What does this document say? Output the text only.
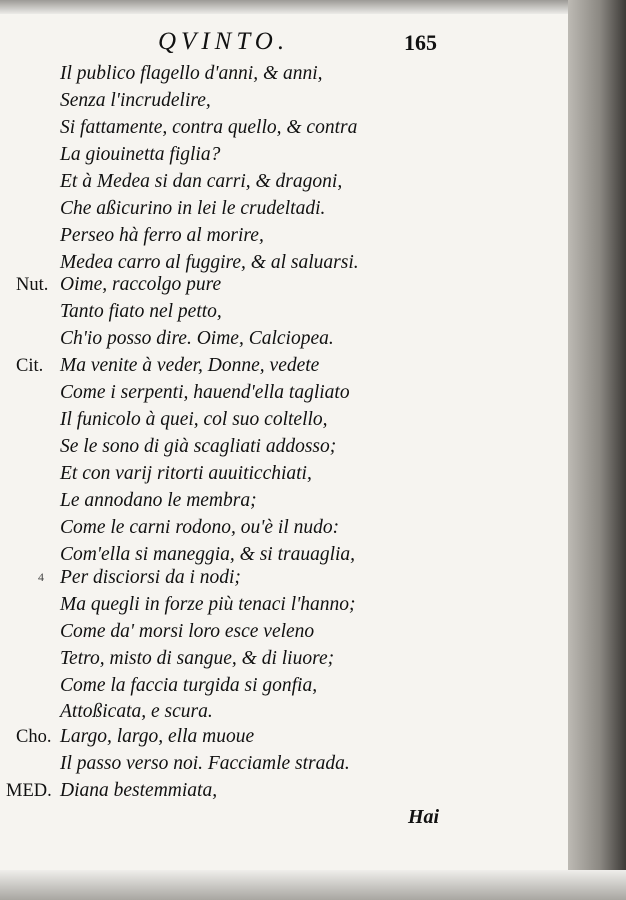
QVINTO.	165
Il publico flagello d'anni, & anni,
Senza l'incrudelire,
Si fattamente, contra quello, & contra
La giouinetta figlia?
Et à Medea si dan carri, & dragoni,
Che aßicurino in lei le crudeltadi.
Perseo hà ferro al morire,
Medea carro al fuggire, & al saluarsi.
Nut. Oime, raccolgo pure
Tanto fiato nel petto,
Ch'io posso dire. Oime, Calciopea.
Cit. Ma venite à veder, Donne, vedete
Come i serpenti, hauend'ella tagliato
Il funicolo à quei, col suo coltello,
Se le sono di già scagliati addosso;
Et con varij ritorti auuiticchiati,
Le annodano le membra;
Come le carni rodono, ou'è il nudo:
Com'ella si maneggia, & si trauaglia,
4 Per disciorsi da i nodi;
Ma quegli in forze più tenaci l'hanno;
Come da' morsi loro esce veleno
Tetro, misto di sangue, & di liuore;
Come la faccia turgida si gonfia,
Attoßicata, e scura.
Cho. Largo, largo, ella muoue
Il passo verso noi. Facciamle strada.
MED. Diana bestemmiata,
Hai
